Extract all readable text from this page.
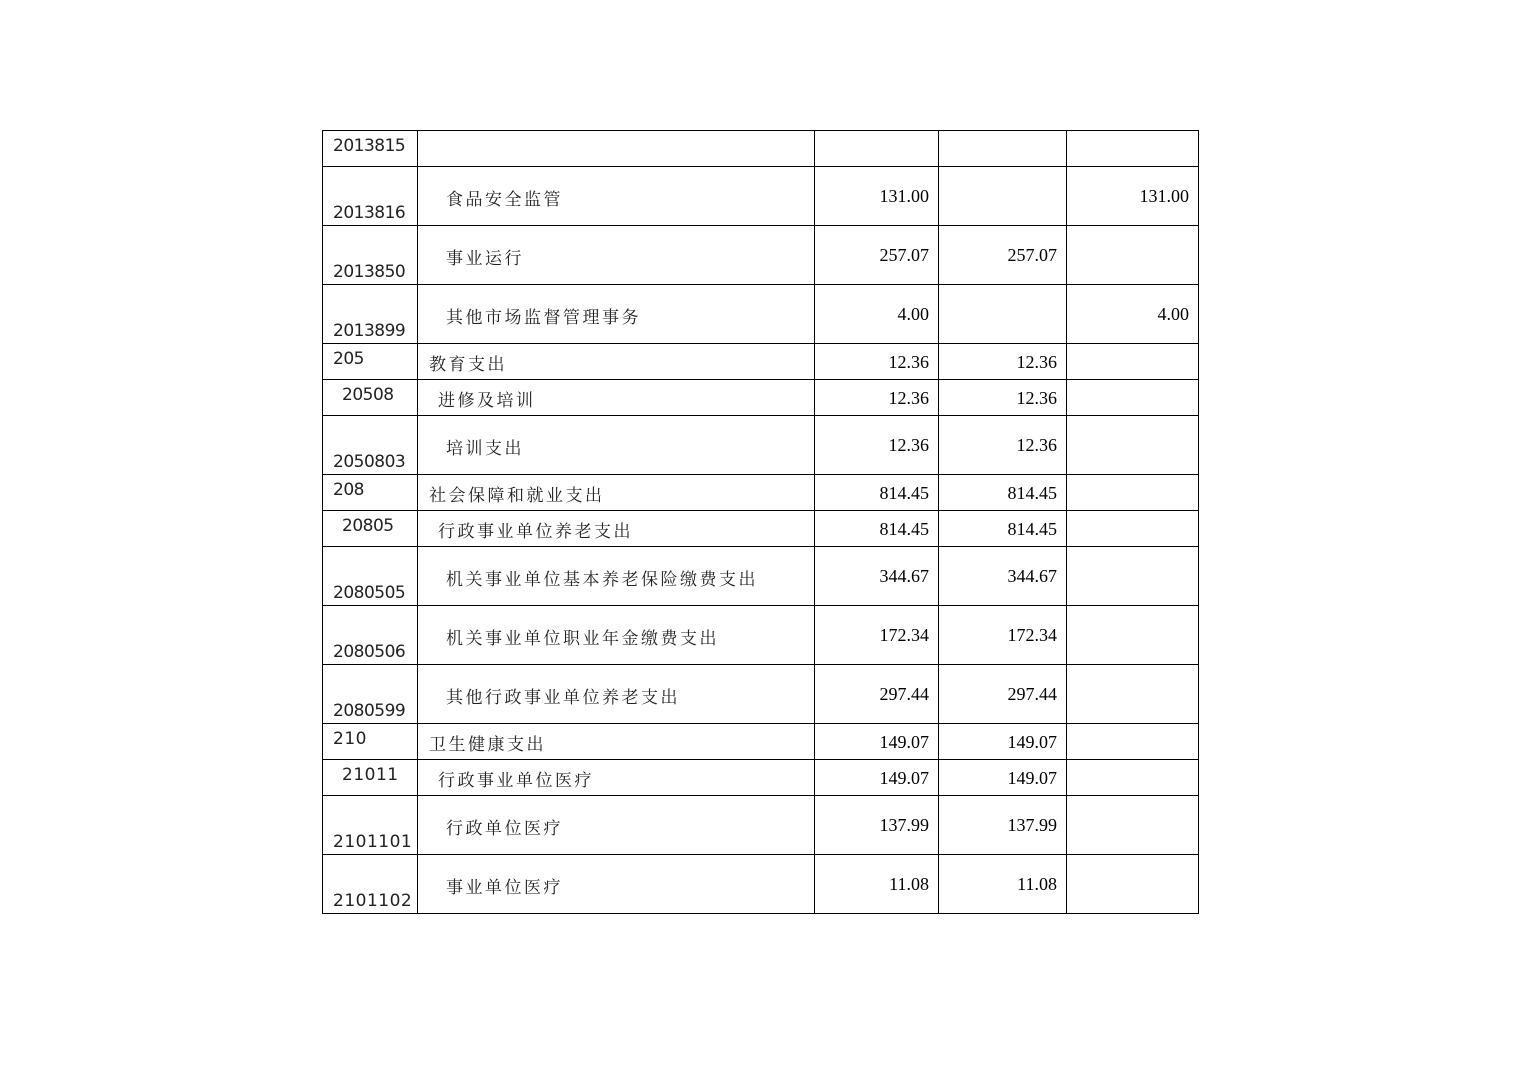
2013815				
2013816	食品安全监管	131.00		131.00
2013850	事业运行	257.07	257.07	
2013899	其他市场监督管理事务	4.00		4.00
205	教育支出	12.36	12.36	
20508	进修及培训	12.36	12.36	
2050803	培训支出	12.36	12.36	
208	社会保障和就业支出	814.45	814.45	
20805	行政事业单位养老支出	814.45	814.45	
2080505	机关事业单位基本养老保险缴费支出	344.67	344.67	
2080506	机关事业单位职业年金缴费支出	172.34	172.34	
2080599	其他行政事业单位养老支出	297.44	297.44	
210	卫生健康支出	149.07	149.07	
21011	行政事业单位医疗	149.07	149.07	
2101101	行政单位医疗	137.99	137.99	
2101102	事业单位医疗	11.08	11.08	
